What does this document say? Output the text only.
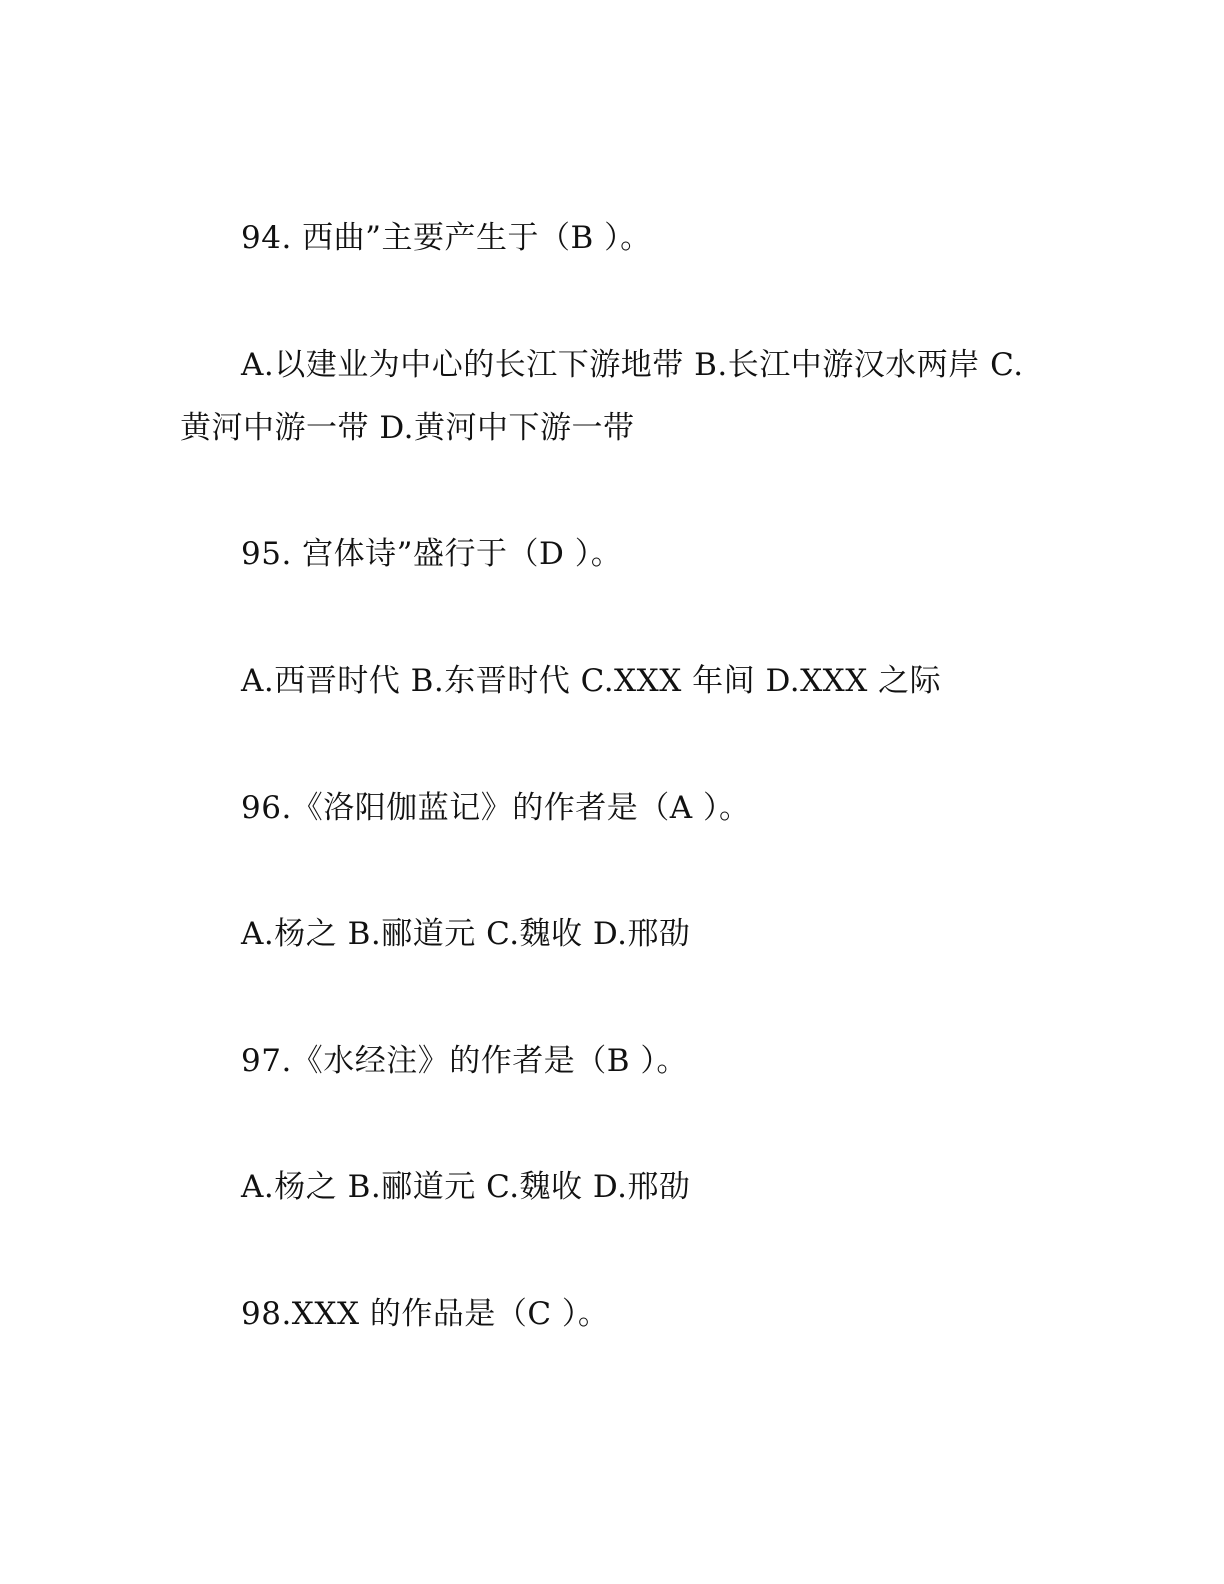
94. 西曲”主要产生于（B ）。
A.以建业为中心的长江下游地带 B.长江中游汉水两岸 C.
黄河中游一带 D.黄河中下游一带
95. 宫体诗”盛行于（D ）。
A.西晋时代 B.东晋时代 C.XXX 年间 D.XXX 之际
96.《洛阳伽蓝记》的作者是（A ）。
A.杨之 B.郦道元 C.魏收 D.邢劭
97.《水经注》的作者是（B ）。
A.杨之 B.郦道元 C.魏收 D.邢劭
98.XXX 的作品是（C ）。
